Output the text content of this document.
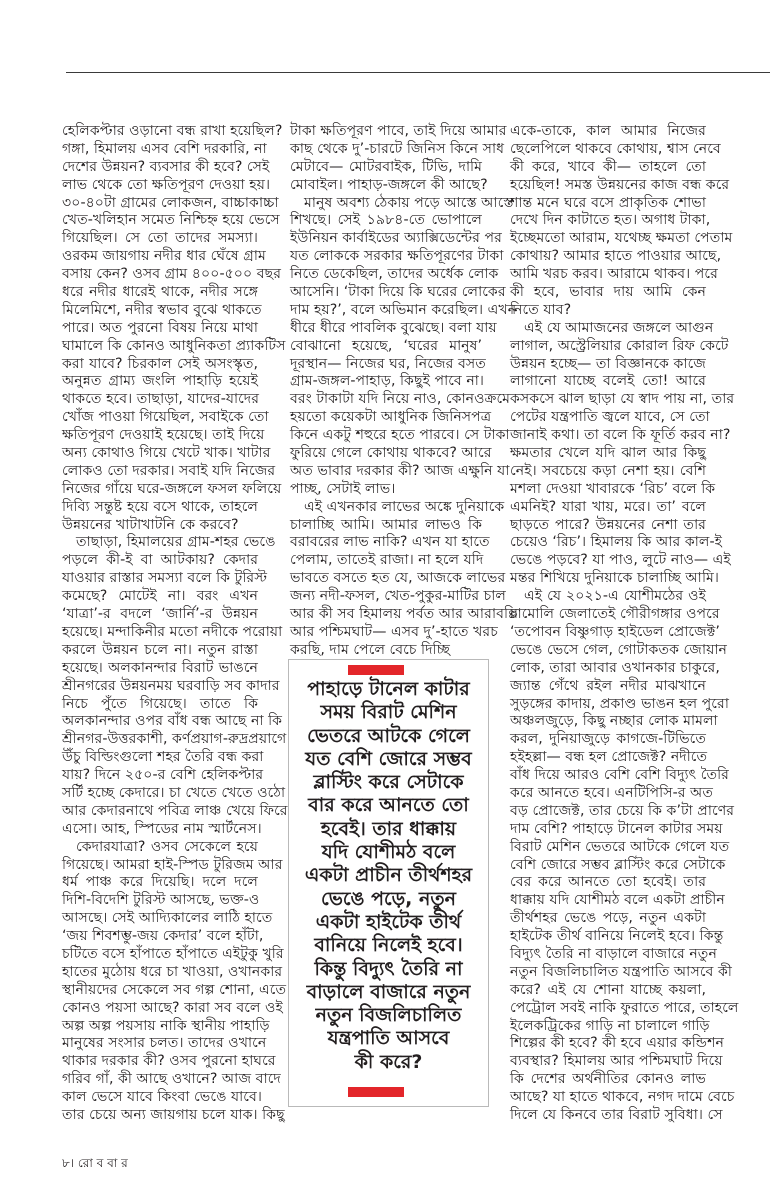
হেলিকপ্টার ওড়ানো বন্ধ রাখা হয়েছিল?
গঙ্গা, হিমালয় এসব বেশি দরকারি, না
দেশের উন্নয়ন? ব্যবসার কী হবে? সেই
লাভ থেকে তো ক্ষতিপূরণ দেওয়া হয়।
৩০-৪০টা গ্রামের লোকজন, বাচ্চাকাচ্চা
খেত-খলিহান সমেত নিশ্চিহ্ন হয়ে ভেসে
গিয়েছিল। সে তো তাদের সমস্যা।
ওরকম জায়গায় নদীর ধার ঘেঁষে গ্রাম
বসায় কেন? ওসব গ্রাম ৪০০-৫০০ বছর
ধরে নদীর ধারেই থাকে, নদীর সঙ্গে
মিলেমিশে, নদীর স্বভাব বুঝে থাকতে
পারে। অত পুরনো বিষয় নিয়ে মাথা
ঘামালে কি কোনও আধুনিকতা প্র্যাকটিস
করা যাবে? চিরকাল সেই অসংস্কৃত,
অনুন্নত গ্রাম্য জংলি পাহাড়ি হয়েই
থাকতে হবে। তাছাড়া, যাদের-যাদের
খোঁজ পাওয়া গিয়েছিল, সবাইকে তো
ক্ষতিপূরণ দেওয়াই হয়েছে। তাই দিয়ে
অন্য কোথাও গিয়ে খেটে খাক। খাটার
লোকও তো দরকার। সবাই যদি নিজের
নিজের গাঁয়ে ঘরে-জঙ্গলে ফসল ফলিয়ে
দিব্যি সন্তুষ্ট হয়ে বসে থাকে, তাহলে
উন্নয়নের খাটাখাটনি কে করবে?
তাছাড়া, হিমালয়ের গ্রাম-শহর ভেঙে
পড়লে কী-ই বা আটকায়? কেদার
যাওয়ার রাস্তার সমস্যা বলে কি টুরিস্ট
কমেছে? মোটেই না। বরং এখন
‘যাত্রা’-র বদলে ‘জার্নি’-র উন্নয়ন
হয়েছে। মন্দাকিনীর মতো নদীকে পরোয়া
করলে উন্নয়ন চলে না। নতুন রাস্তা
হয়েছে। অলকানন্দার বিরাট ভাঙনে
শ্রীনগরের উন্নয়নময় ঘরবাড়ি সব কাদার
নিচে পুঁতে গিয়েছে। তাতে কি
অলকানন্দার ওপর বাঁধ বন্ধ আছে না কি
শ্রীনগর-উত্তরকাশী, কর্ণপ্রয়াগ-রুদ্রপ্রয়াগে
উঁচু বিল্ডিংগুলো শহর তৈরি বন্ধ করা
যায়? দিনে ২৫০-র বেশি হেলিকপ্টার
সর্টি হচ্ছে কেদারে। চা খেতে খেতে ওঠো
আর কেদারনাথে পবিত্র লাঞ্চ খেয়ে ফিরে
এসো। আহ, স্পিডের নাম স্মার্টনেস।
কেদারযাত্রা? ওসব সেকেলে হয়ে
গিয়েছে। আমরা হাই-স্পিড টুরিজম আর
ধর্ম পাঞ্চ করে দিয়েছি। দলে দলে
দিশি-বিদেশি টুরিস্ট আসছে, ভক্ত-ও
আসছে। সেই আদ্যিকালের লাঠি হাতে
‘জয় শিবশম্ভু-জয় কেদার’ বলে হাঁটা,
চটিতে বসে হাঁপাতে হাঁপাতে এইটুকু খুরি
হাতের মুঠোয় ধরে চা খাওয়া, ওখানকার
স্থানীয়দের সেকেলে সব গল্প শোনা, এতে
কোনও পয়সা আছে? কারা সব বলে ওই
অল্প অল্প পয়সায় নাকি স্থানীয় পাহাড়ি
মানুষের সংসার চলত। তাদের ওখানে
থাকার দরকার কী? ওসব পুরনো হাঘরে
গরিব গাঁ, কী আছে ওখানে? আজ বাদে
কাল ভেসে যাবে কিংবা ভেঙে যাবে।
তার চেয়ে অন্য জায়গায় চলে যাক। কিছু
টাকা ক্ষতিপূরণ পাবে, তাই দিয়ে আমার
কাছ থেকে দু’-চারটে জিনিস কিনে সাধ
মেটাবে— মোটরবাইক, টিভি, দামি
মোবাইল। পাহাড়-জঙ্গলে কী আছে?
মানুষ অবশ্য ঠেকায় পড়ে আস্তে আস্তে
শিখছে। সেই ১৯৮৪-তে ভোপালে
ইউনিয়ন কার্বাইডের অ্যাক্সিডেন্টের পর
যত লোককে সরকার ক্ষতিপূরণের টাকা
নিতে ডেকেছিল, তাদের অর্ধেক লোক
আসেনি। ‘টাকা দিয়ে কি ঘরের লোকের
দাম হয়?’, বলে অভিমান করেছিল। এখন
ধীরে ধীরে পাবলিক বুঝেছে। বলা যায়
বোঝানো হয়েছে, ‘ঘরের মানুষ’
দূরস্থান— নিজের ঘর, নিজের বসত
গ্রাম-জঙ্গল-পাহাড়, কিছুই পাবে না।
বরং টাকাটা যদি নিয়ে নাও, কোনওক্রমে
হয়তো কয়েকটা আধুনিক জিনিসপত্র
কিনে একটু শহুরে হতে পারবে। সে টাকা
ফুরিয়ে গেলে কোথায় থাকবে? আরে
অত ভাবার দরকার কী? আজ এক্ষুনি যা
পাচ্ছ, সেটাই লাভ।
এই এখনকার লাভের অঙ্কে দুনিয়াকে
চালাচ্ছি আমি। আমার লাভও কি
বরাবরের লাভ নাকি? এখন যা হাতে
পেলাম, তাতেই রাজা। না হলে যদি
ভাবতে বসতে হত যে, আজকে লাভের
জন্য নদী-ফসল, খেত-পুকুর-মাটির চাল
আর কী সব হিমালয় পর্বত আর আরাবল্লি
আর পশ্চিমঘাট— এসব দু’-হাতে খরচ
করছি, দাম পেলে বেচে দিচ্ছি
একে-তাকে, কাল আমার নিজের
ছেলেপিলে থাকবে কোথায়, শ্বাস নেবে
কী করে, খাবে কী— তাহলে তো
হয়েছিল! সমস্ত উন্নয়নের কাজ বন্ধ করে
শান্ত মনে ঘরে বসে প্রাকৃতিক শোভা
দেখে দিন কাটাতে হত। অগাধ টাকা,
ইচ্ছেমতো আরাম, যথেচ্ছ ক্ষমতা পেতাম
কোথায়? আমার হাতে পাওয়ার আছে,
আমি খরচ করব। আরামে থাকব। পরে
কী হবে, ভাবার দায় আমি কেন
নিতে যাব?
এই যে আমাজনের জঙ্গলে আগুন
লাগাল, অস্ট্রেলিয়ার কোরাল রিফ কেটে
উন্নয়ন হচ্ছে— তা বিজ্ঞানকে কাজে
লাগানো যাচ্ছে বলেই তো! আরে
কসকসে ঝাল ছাড়া যে স্বাদ পায় না, তার
পেটের যন্ত্রপাতি জ্বলে যাবে, সে তো
জানাই কথা। তা বলে কি ফূর্তি করব না?
ক্ষমতার খেলে যদি ঝাল আর কিছু
নেই। সবচেয়ে কড়া নেশা হয়। বেশি
মশলা দেওয়া খাবারকে ‘রিচ’ বলে কি
এমনিই? যারা খায়, মরে। তা’ বলে
ছাড়তে পারে? উন্নয়নের নেশা তার
চেয়েও ‘রিচ’। হিমালয় কি আর কাল-ই
ভেঙে পড়বে? যা পাও, লুটে নাও— এই
মন্তর শিখিয়ে দুনিয়াকে চালাচ্ছি আমি।
এই যে ২০২১-এ যোশীমঠের ওই
চামোলি জেলাতেই গৌরীগঙ্গার ওপরে
‘তপোবন বিষ্ণুগাড় হাইডেল প্রোজেক্ট’
ভেঙে ভেসে গেল, গোটাকতক জোয়ান
লোক, তারা আবার ওখানকার চাকুরে,
জ্যান্ত গেঁথে রইল নদীর মাঝখানে
সুড়ঙ্গের কাদায়, প্রকাণ্ড ভাঙন হল পুরো
অঞ্চলজুড়ে, কিছু নচ্ছার লোক মামলা
করল, দুনিয়াজুড়ে কাগজে-টিভিতে
হইহল্লা— বন্ধ হল প্রোজেক্ট? নদীতে
বাঁধ দিয়ে আরও বেশি বেশি বিদ্যুৎ তৈরি
করে আনতে হবে। এনটিপিসি-র অত
বড় প্রোজেক্ট, তার চেয়ে কি ক’টা প্রাণের
দাম বেশি? পাহাড়ে টানেল কাটার সময়
বিরাট মেশিন ভেতরে আটকে গেলে যত
বেশি জোরে সম্ভব ব্লাস্টিং করে সেটাকে
বের করে আনতে তো হবেই। তার
ধাক্কায় যদি যোশীমঠ বলে একটা প্রাচীন
তীর্থশহর ভেঙে পড়ে, নতুন একটা
হাইটেক তীর্থ বানিয়ে নিলেই হবে। কিন্তু
বিদ্যুৎ তৈরি না বাড়ালে বাজারে নতুন
নতুন বিজলিচালিত যন্ত্রপাতি আসবে কী
করে? এই যে শোনা যাচ্ছে কয়লা,
পেট্রোল সবই নাকি ফুরাতে পারে, তাহলে
ইলেকট্রিকের গাড়ি না চালালে গাড়ি
শিল্পের কী হবে? কী হবে এয়ার কন্ডিশন
ব্যবস্থার? হিমালয় আর পশ্চিমঘাট দিয়ে
কি দেশের অর্থনীতির কোনও লাভ
আছে? যা হাতে থাকবে, নগদ দামে বেচে
দিলে যে কিনবে তার বিরাট সুবিধা। সে
পাহাড়ে টানেল কাটার
সময় বিরাট মেশিন
ভেতরে আটকে গেলে
যত বেশি জোরে সম্ভব
ব্লাস্টিং করে সেটাকে
বার করে আনতে তো
হবেই। তার ধাক্কায়
যদি যোশীমঠ বলে
একটা প্রাচীন তীর্থশহর
ভেঙে পড়ে, নতুন
একটা হাইটেক তীর্থ
বানিয়ে নিলেই হবে।
কিন্তু বিদ্যুৎ তৈরি না
বাড়ালে বাজারে নতুন
নতুন বিজলিচালিত
যন্ত্রপাতি আসবে
কী করে?
৮। রো ব বা র
